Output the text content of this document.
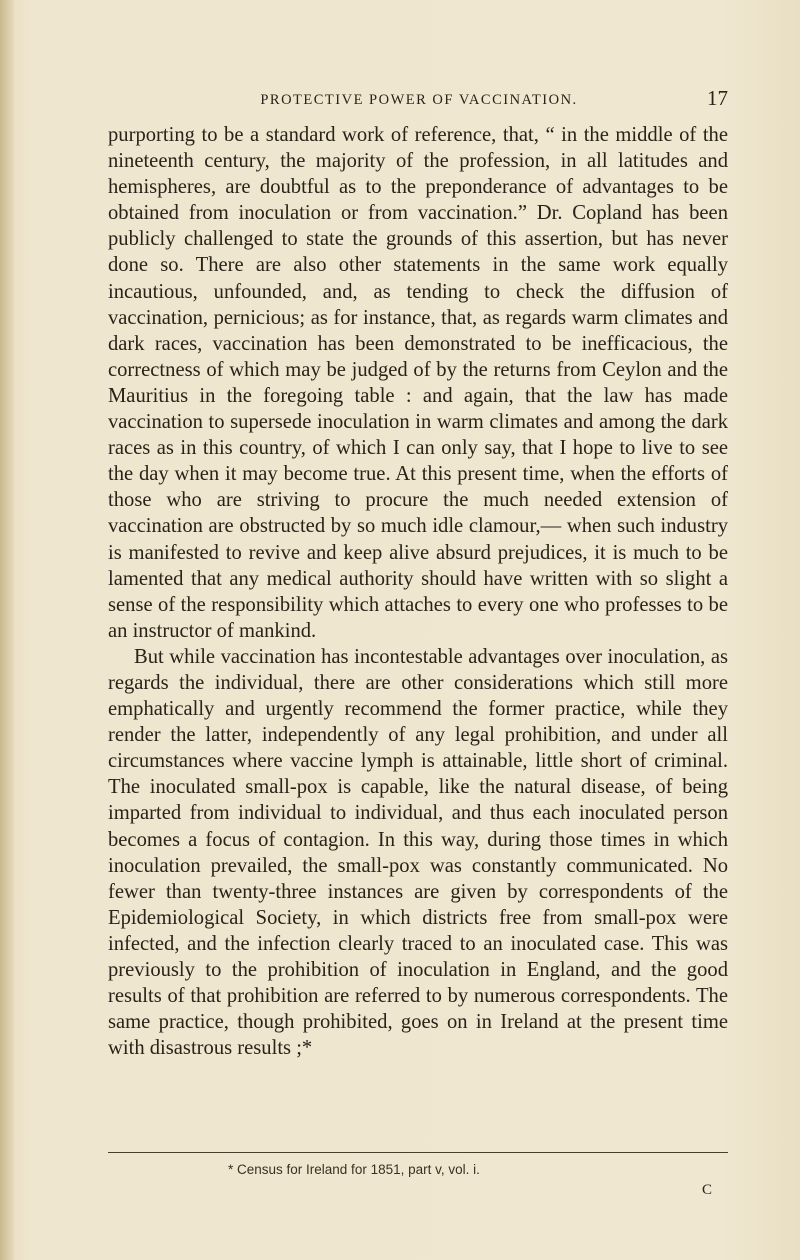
PROTECTIVE POWER OF VACCINATION.	17

purporting to be a standard work of reference, that, “ in the middle of the nineteenth century, the majority of the profession, in all latitudes and hemispheres, are doubtful as to the preponderance of advantages to be obtained from inoculation or from vaccination.” Dr. Copland has been publicly challenged to state the grounds of this assertion, but has never done so. There are also other statements in the same work equally incautious, unfounded, and, as tending to check the diffusion of vaccination, pernicious; as for instance, that, as regards warm climates and dark races, vaccination has been demonstrated to be inefficacious, the correctness of which may be judged of by the returns from Ceylon and the Mauritius in the foregoing table : and again, that the law has made vaccination to supersede inoculation in warm climates and among the dark races as in this country, of which I can only say, that I hope to live to see the day when it may become true. At this present time, when the efforts of those who are striving to procure the much needed extension of vaccination are obstructed by so much idle clamour,— when such industry is manifested to revive and keep alive absurd prejudices, it is much to be lamented that any medical authority should have written with so slight a sense of the responsibility which attaches to every one who professes to be an instructor of mankind.

But while vaccination has incontestable advantages over inoculation, as regards the individual, there are other considerations which still more emphatically and urgently recommend the former practice, while they render the latter, independently of any legal prohibition, and under all circumstances where vaccine lymph is attainable, little short of criminal. The inoculated small-pox is capable, like the natural disease, of being imparted from individual to individual, and thus each inoculated person becomes a focus of contagion. In this way, during those times in which inoculation prevailed, the small-pox was constantly communicated. No fewer than twenty-three instances are given by correspondents of the Epidemiological Society, in which districts free from small-pox were infected, and the infection clearly traced to an inoculated case. This was previously to the prohibition of inoculation in England, and the good results of that prohibition are referred to by numerous correspondents. The same practice, though prohibited, goes on in Ireland at the present time with disastrous results ;*

* Census for Ireland for 1851, part v, vol. i.
C
